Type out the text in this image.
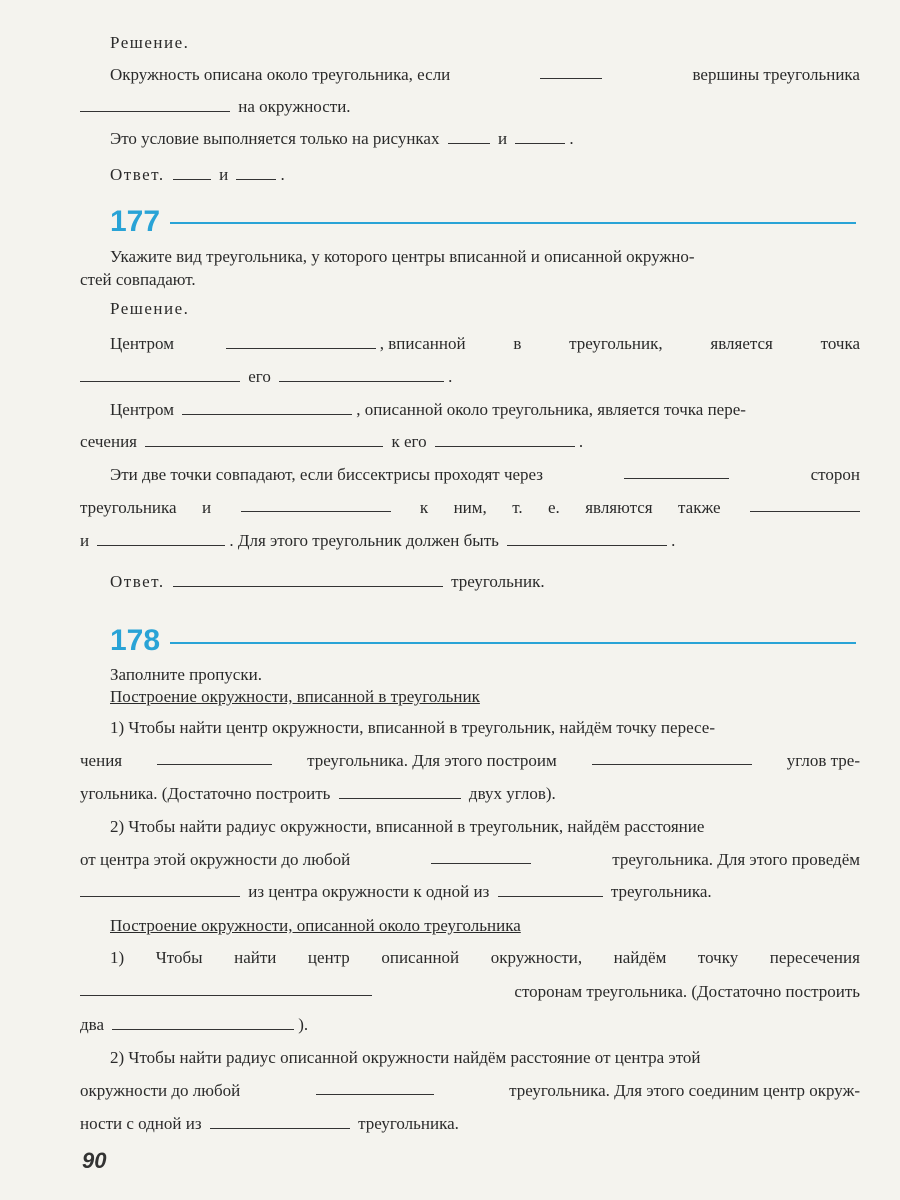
Решение.
Окружность описана около треугольника, если	вершины треугольника
на окружности.
Это условие выполняется только на рисунках	и	.
Ответ.	и	.
177
Укажите вид треугольника, у которого центры вписанной и описанной окружно-
стей совпадают.
Решение.
Центром	, вписанной	в	треугольник,	является	точка
его	.
Центром	, описанной около треугольника, является точка пере-
сечения	к его	.
Эти две точки совпадают, если биссектрисы проходят через	сторон
треугольника и	к ним, т. е. являются также
и	. Для этого треугольник должен быть	.
Ответ.	треугольник.
178
Заполните пропуски.
Построение окружности, вписанной в треугольник
1) Чтобы найти центр окружности, вписанной в треугольник, найдём точку пересе-
чения	треугольника. Для этого построим	углов тре-
угольника. (Достаточно построить	двух углов).
2) Чтобы найти радиус окружности, вписанной в треугольник, найдём расстояние
от центра этой окружности до любой	треугольника. Для этого проведём
из центра окружности к одной из	треугольника.
Построение окружности, описанной около треугольника
1) Чтобы найти центр описанной окружности, найдём точку пересечения
сторонам треугольника. (Достаточно построить
два	).
2) Чтобы найти радиус описанной окружности найдём расстояние от центра этой
окружности до любой	треугольника. Для этого соединим центр окруж-
ности с одной из	треугольника.
90
